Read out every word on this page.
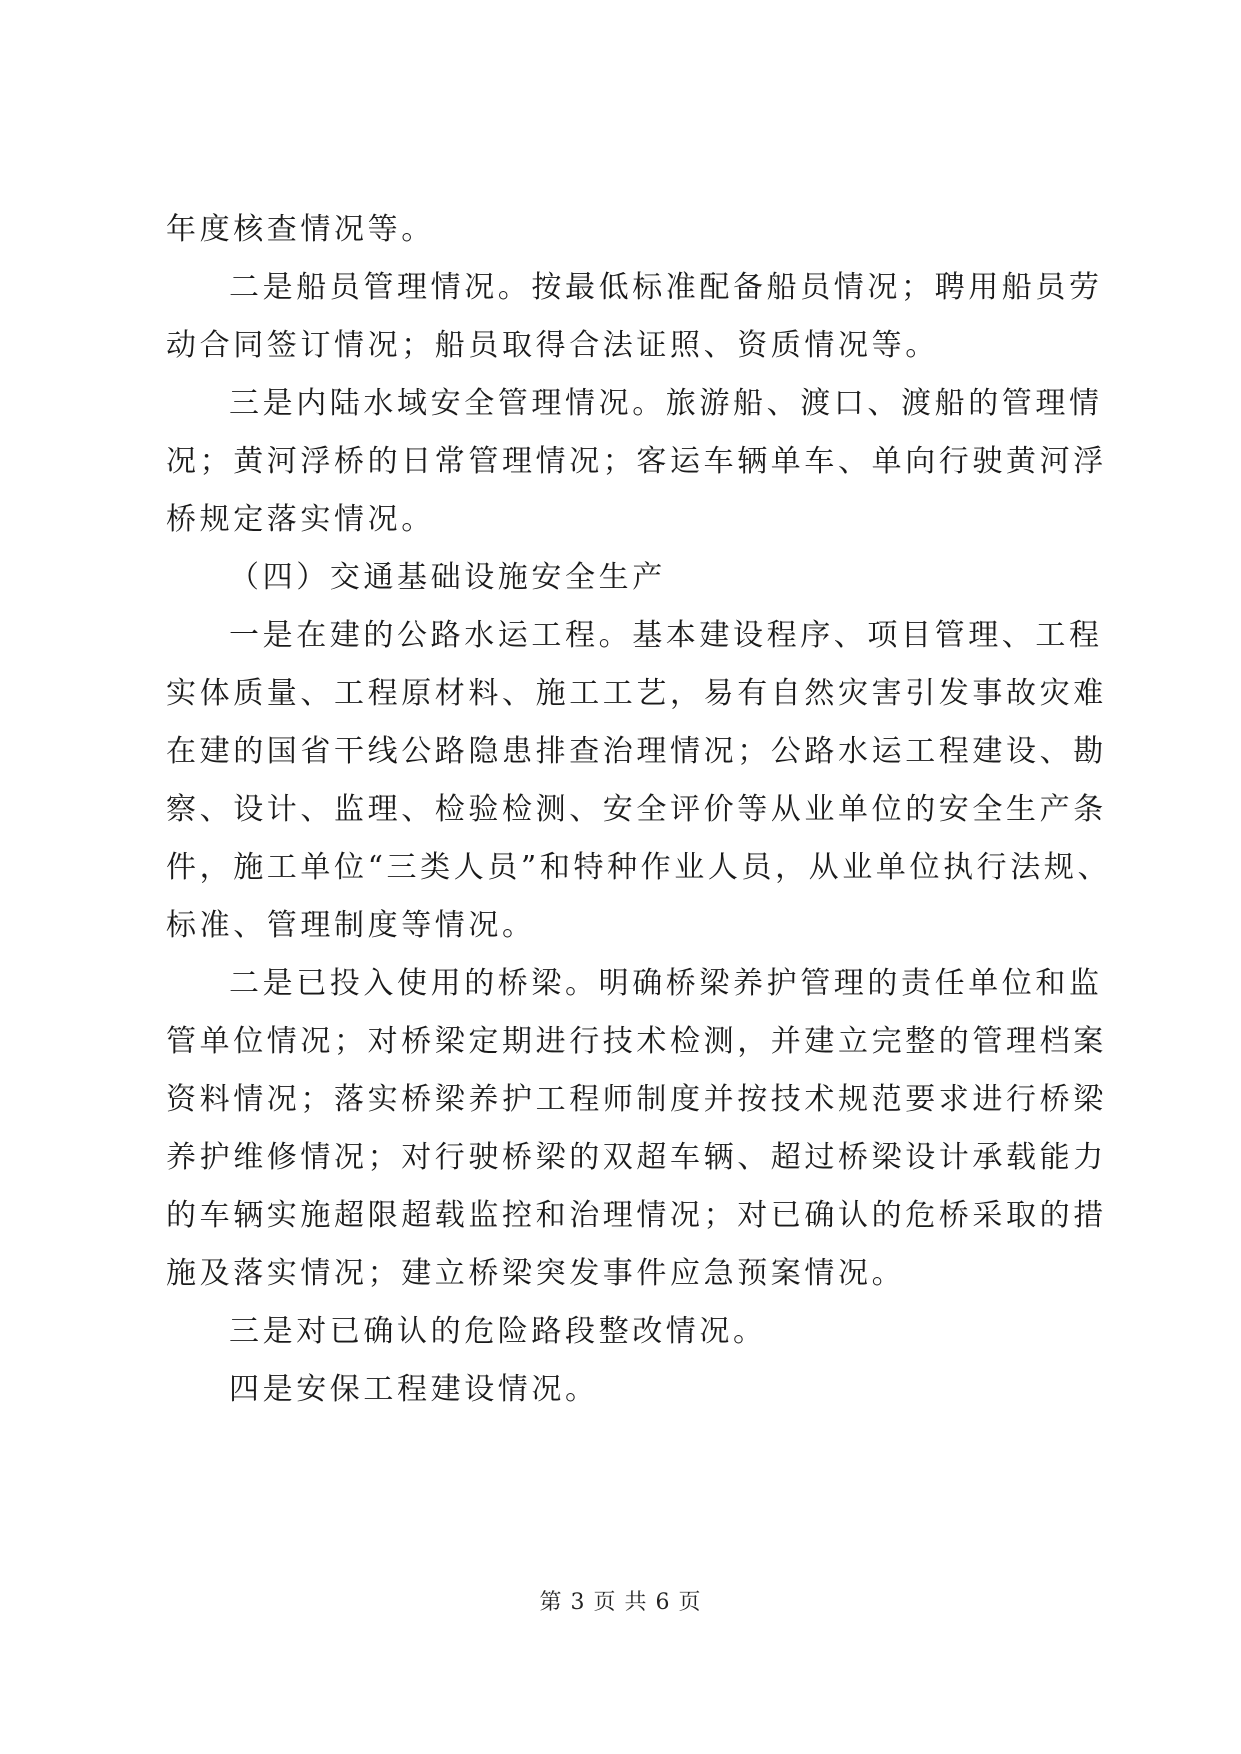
年度核查情况等。
二是船员管理情况。按最低标准配备船员情况；聘用船员劳
动合同签订情况；船员取得合法证照、资质情况等。
三是内陆水域安全管理情况。旅游船、渡口、渡船的管理情
况；黄河浮桥的日常管理情况；客运车辆单车、单向行驶黄河浮
桥规定落实情况。
（四）交通基础设施安全生产
一是在建的公路水运工程。基本建设程序、项目管理、工程
实体质量、工程原材料、施工工艺，易有自然灾害引发事故灾难
在建的国省干线公路隐患排查治理情况；公路水运工程建设、勘
察、设计、监理、检验检测、安全评价等从业单位的安全生产条
件，施工单位“三类人员”和特种作业人员，从业单位执行法规、
标准、管理制度等情况。
二是已投入使用的桥梁。明确桥梁养护管理的责任单位和监
管单位情况；对桥梁定期进行技术检测，并建立完整的管理档案
资料情况；落实桥梁养护工程师制度并按技术规范要求进行桥梁
养护维修情况；对行驶桥梁的双超车辆、超过桥梁设计承载能力
的车辆实施超限超载监控和治理情况；对已确认的危桥采取的措
施及落实情况；建立桥梁突发事件应急预案情况。
三是对已确认的危险路段整改情况。
四是安保工程建设情况。
第 3 页 共 6 页
